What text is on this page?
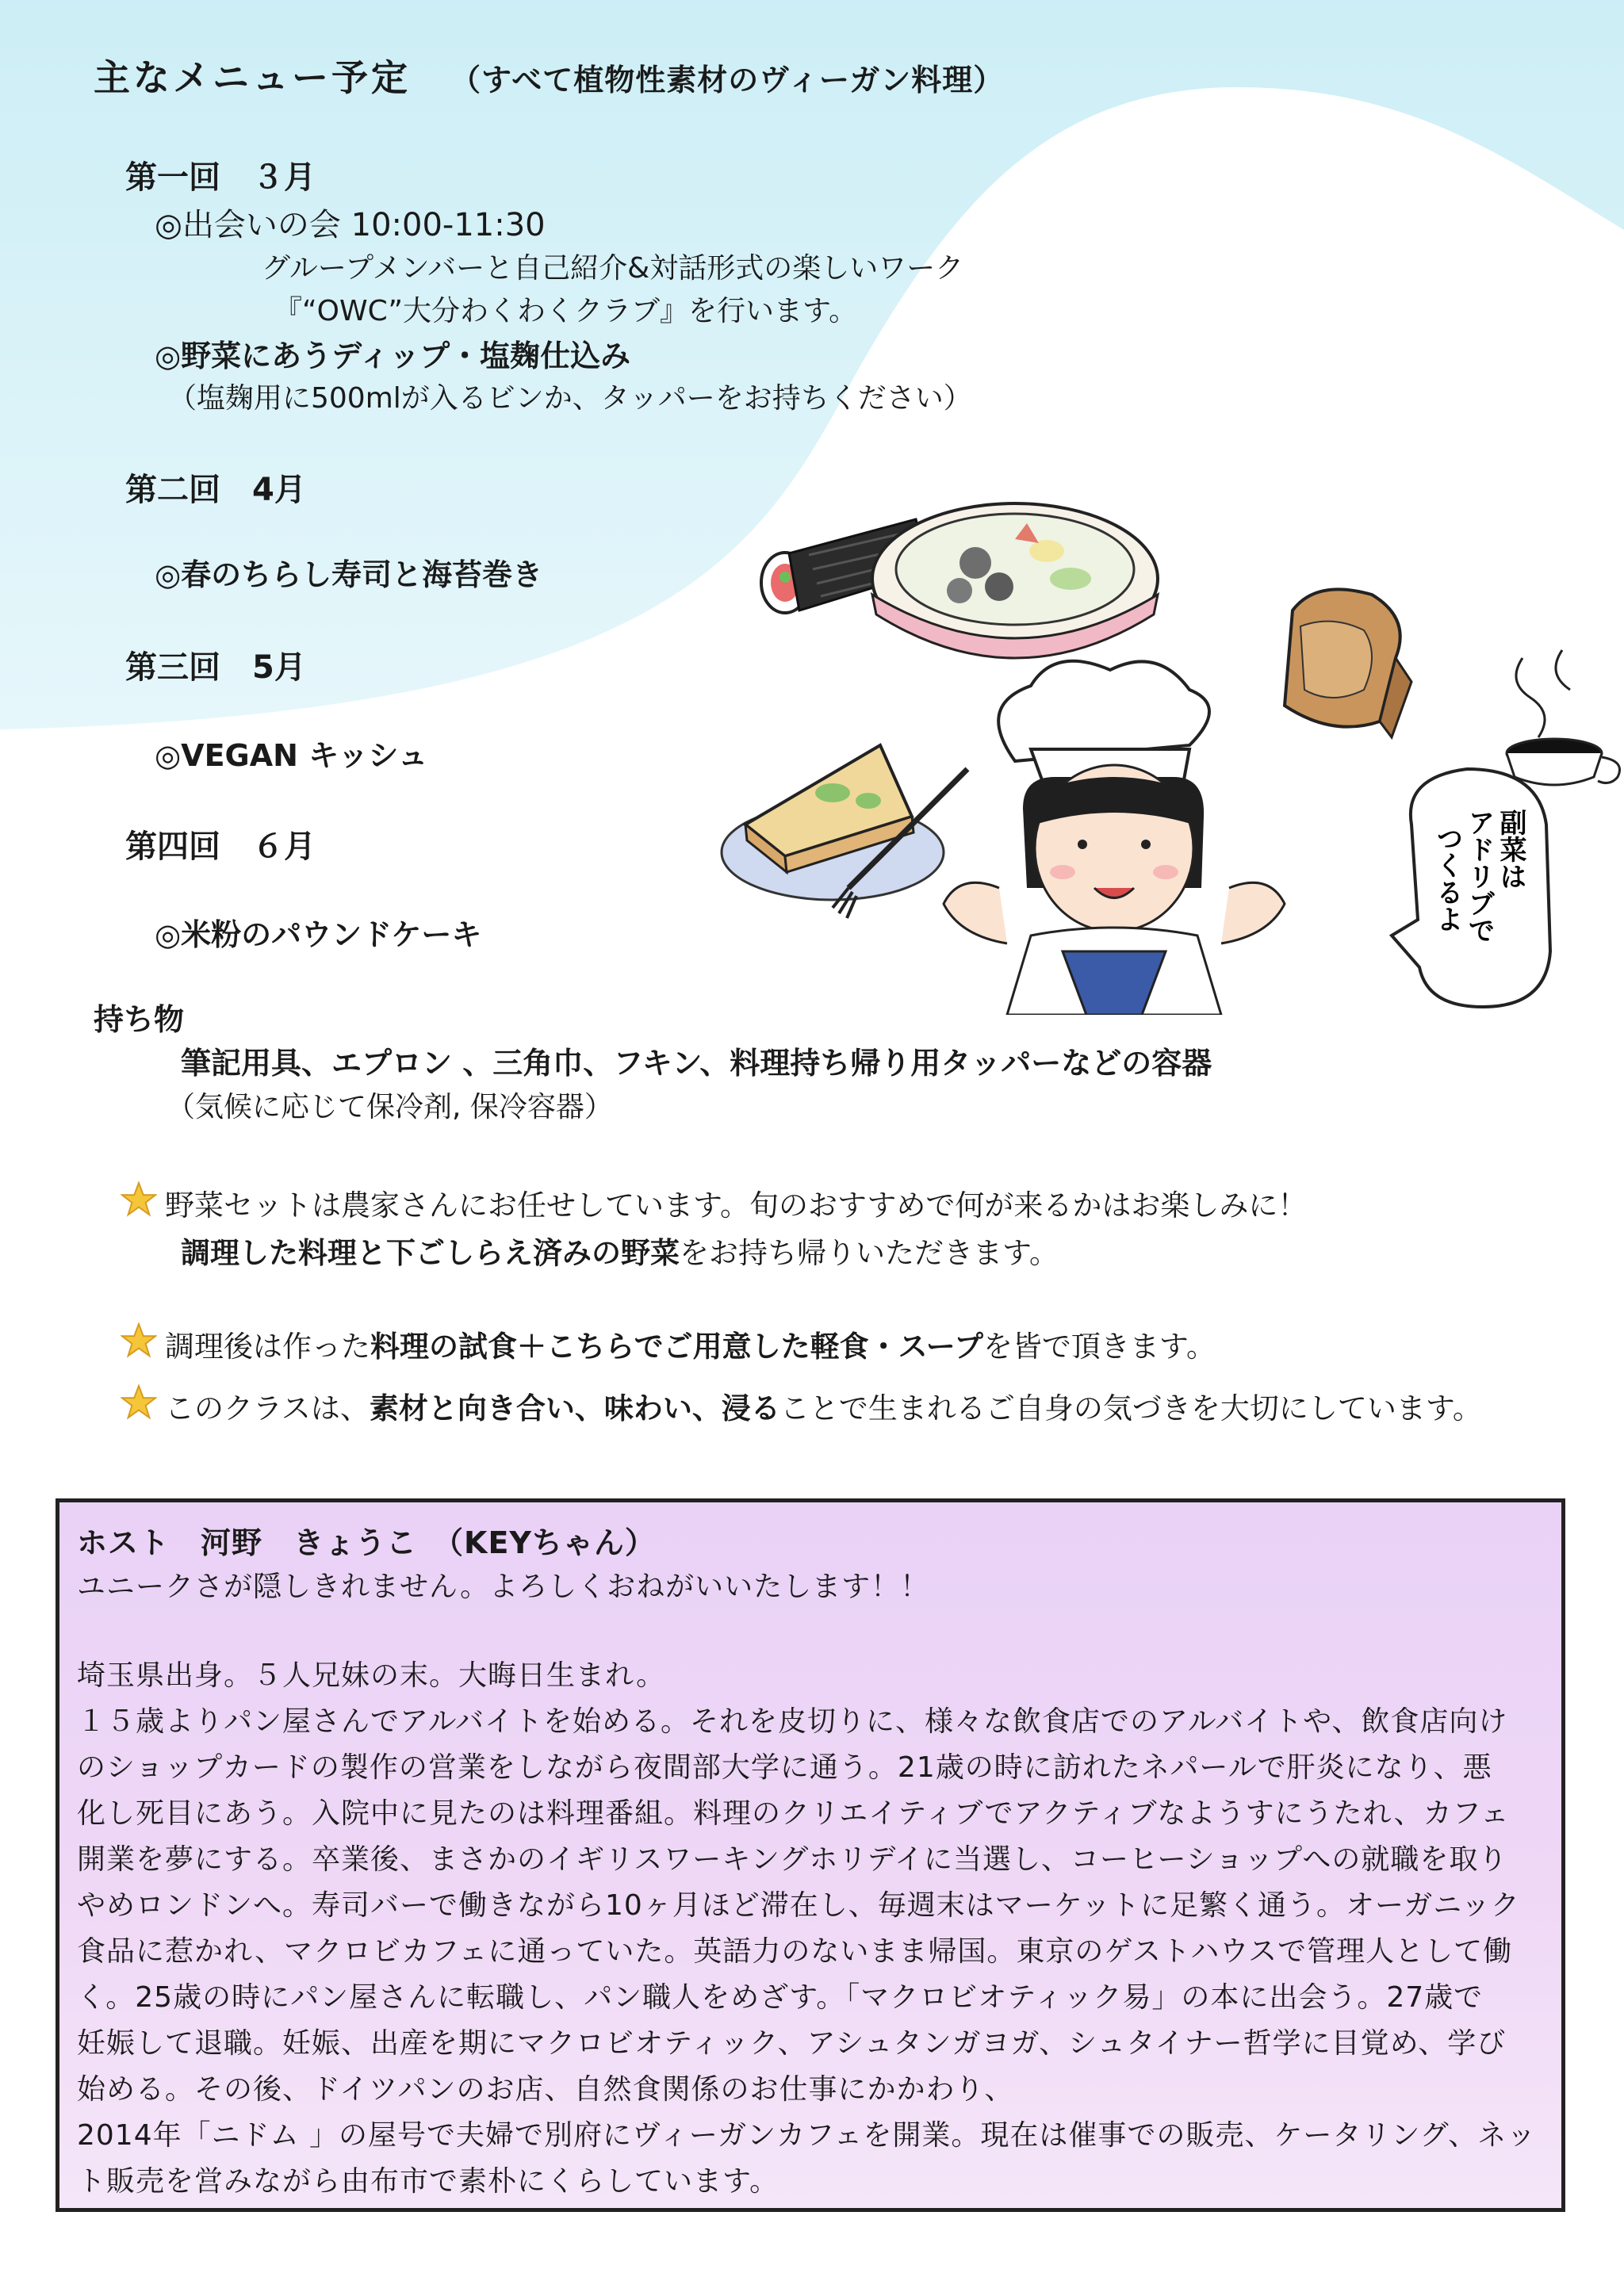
主なメニュー予定 （すべて植物性素材のヴィーガン料理）
第一回　３月
◎出会いの会 10:00-11:30
グループメンバーと自己紹介&対話形式の楽しいワーク
『“OWC”大分わくわくクラブ』を行います。
◎野菜にあうディップ・塩麹仕込み
（塩麹用に500mlが入るビンか、タッパーをお持ちください）
第二回　4月
◎春のちらし寿司と海苔巻き
第三回　5月
◎VEGAN キッシュ
第四回　６月
◎米粉のパウンドケーキ
副菜は
アドリブで
つくるよ
持ち物
筆記用具、エプロン 、三角巾、フキン、料理持ち帰り用タッパーなどの容器
（気候に応じて保冷剤, 保冷容器）
野菜セットは農家さんにお任せしています。旬のおすすめで何が来るかはお楽しみに！
調理した料理と下ごしらえ済みの野菜をお持ち帰りいただきます。
調理後は作った料理の試食＋こちらでご用意した軽食・スープを皆で頂きます。
このクラスは、素材と向き合い、味わい、浸ることで生まれるご自身の気づきを大切にしています。
ホスト　河野　きょうこ　（KEYちゃん）
ユニークさが隠しきれません。よろしくおねがいいたします！！
埼玉県出身。５人兄妹の末。大晦日生まれ。
１５歳よりパン屋さんでアルバイトを始める。それを皮切りに、様々な飲食店でのアルバイトや、飲食店向け
のショップカードの製作の営業をしながら夜間部大学に通う。21歳の時に訪れたネパールで肝炎になり、悪
化し死目にあう。入院中に見たのは料理番組。料理のクリエイティブでアクティブなようすにうたれ、カフェ
開業を夢にする。卒業後、まさかのイギリスワーキングホリデイに当選し、コーヒーショップへの就職を取り
やめロンドンへ。寿司バーで働きながら10ヶ月ほど滞在し、毎週末はマーケットに足繁く通う。オーガニック
食品に惹かれ、マクロビカフェに通っていた。英語力のないまま帰国。東京のゲストハウスで管理人として働
く。25歳の時にパン屋さんに転職し、パン職人をめざす。「マクロビオティック易」の本に出会う。27歳で
妊娠して退職。妊娠、出産を期にマクロビオティック、アシュタンガヨガ、シュタイナー哲学に目覚め、学び
始める。その後、ドイツパンのお店、自然食関係のお仕事にかかわり、
2014年「ニドム 」の屋号で夫婦で別府にヴィーガンカフェを開業。現在は催事での販売、ケータリング、ネッ
ト販売を営みながら由布市で素朴にくらしています。
